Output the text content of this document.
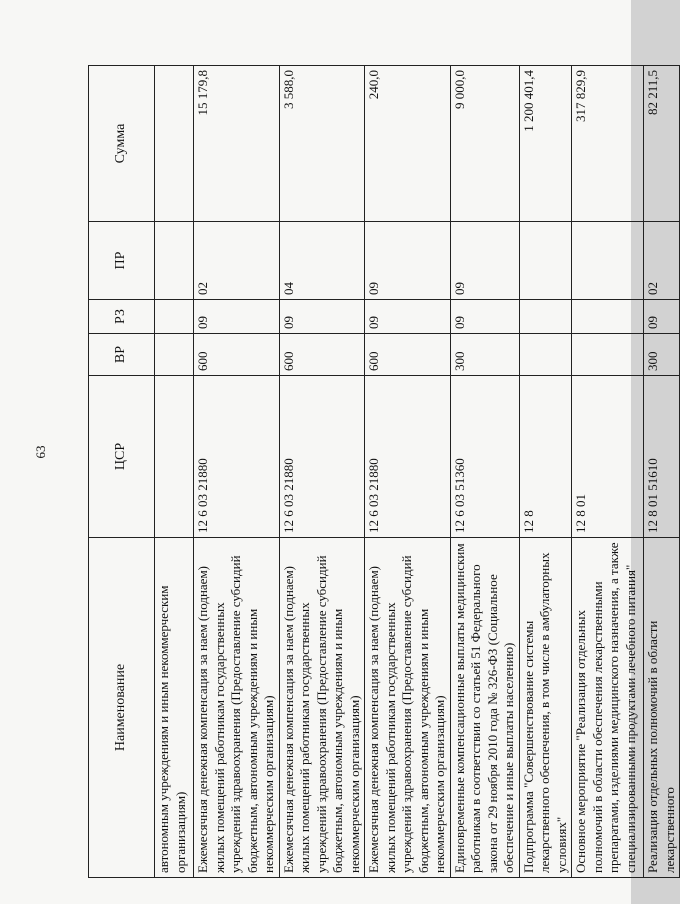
63
Наименование	ЦСР	ВР	РЗ	ПР	Сумма
автономным учреждениям и иным некоммерческим организациям)					
Ежемесячная денежная компенсация за наем (поднаем) жилых помещений работникам государственных учреждений здравоохранения (Предоставление субсидий бюджетным, автономным учреждениям и иным некоммерческим организациям)	12 6 03 21880	600	09	02	15 179,8
Ежемесячная денежная компенсация за наем (поднаем) жилых помещений работникам государственных учреждений здравоохранения (Предоставление субсидий бюджетным, автономным учреждениям и иным некоммерческим организациям)	12 6 03 21880	600	09	04	3 588,0
Ежемесячная денежная компенсация за наем (поднаем) жилых помещений работникам государственных учреждений здравоохранения (Предоставление субсидий бюджетным, автономным учреждениям и иным некоммерческим организациям)	12 6 03 21880	600	09	09	240,0
Единовременные компенсационные выплаты медицинским работникам в соответствии со статьей 51 Федерального закона от 29 ноября 2010 года № 326-ФЗ (Социальное обеспечение и иные выплаты населению)	12 6 03 51360	300	09	09	9 000,0
Подпрограмма "Совершенствование системы лекарственного обеспечения, в том числе в амбулаторных условиях"	12 8				1 200 401,4
Основное мероприятие "Реализация отдельных полномочий в области обеспечения лекарственными препаратами, изделиями медицинского назначения, а также специализированными продуктами лечебного питания"	12 8 01				317 829,9
Реализация отдельных полномочий в области лекарственного	12 8 01 51610	300	09	02	82 211,5
